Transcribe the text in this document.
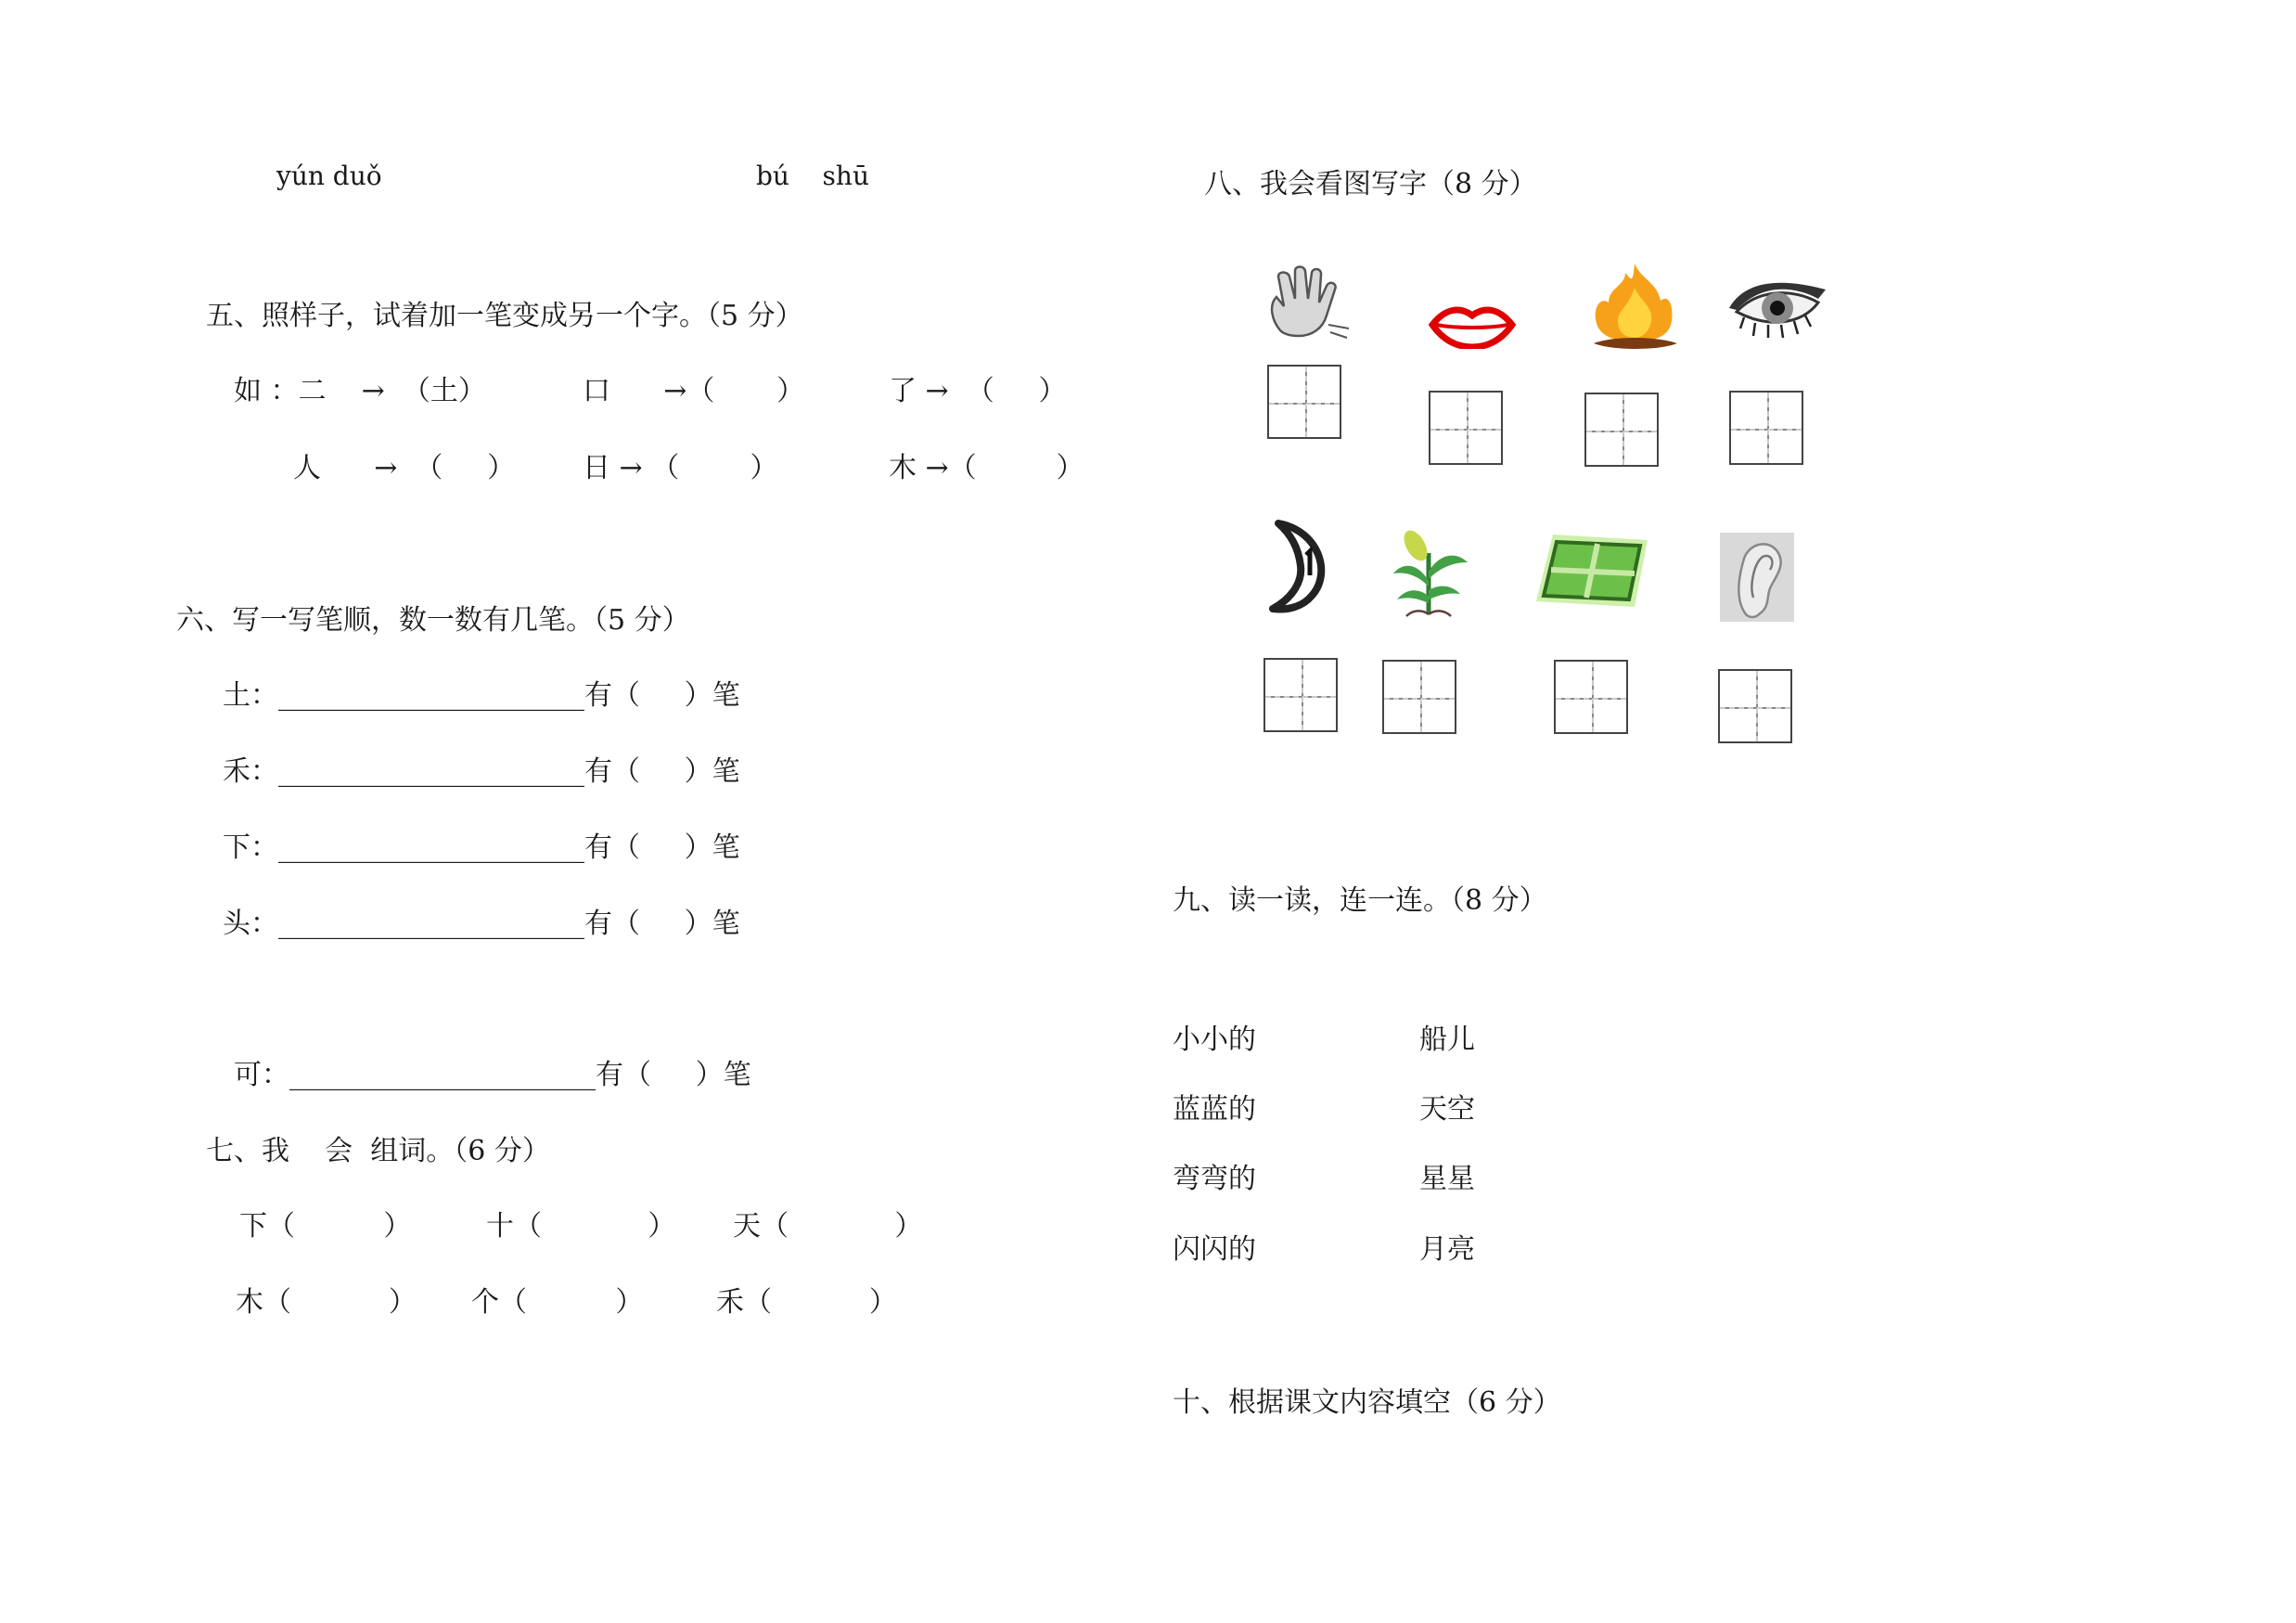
yún duǒ	bú    shū
五、照样子，试着加一笔变成另一个字。（5 分）
如 ：二    →  （土）	口      →（       ）	了 →  （     ）
人      →  （     ） 日 → （        ）	木 →（         ）
六、写一写笔顺，数一数有几笔。（5 分）
土：______________________有（     ）笔
禾：______________________有（     ）笔
下：______________________有（     ）笔
头：______________________有（     ）笔
可：______________________有（     ）笔
七、我    会  组词。（6 分）
下（          ）	十（            ） 天（            ）
木（           ） 个（          ）	禾（           ）
八、我会看图写字（8 分）
九、读一读，连一连。（8 分）
小小的	船儿
蓝蓝的	天空
弯弯的	星星
闪闪的	月亮
十、根据课文内容填空（6 分）
